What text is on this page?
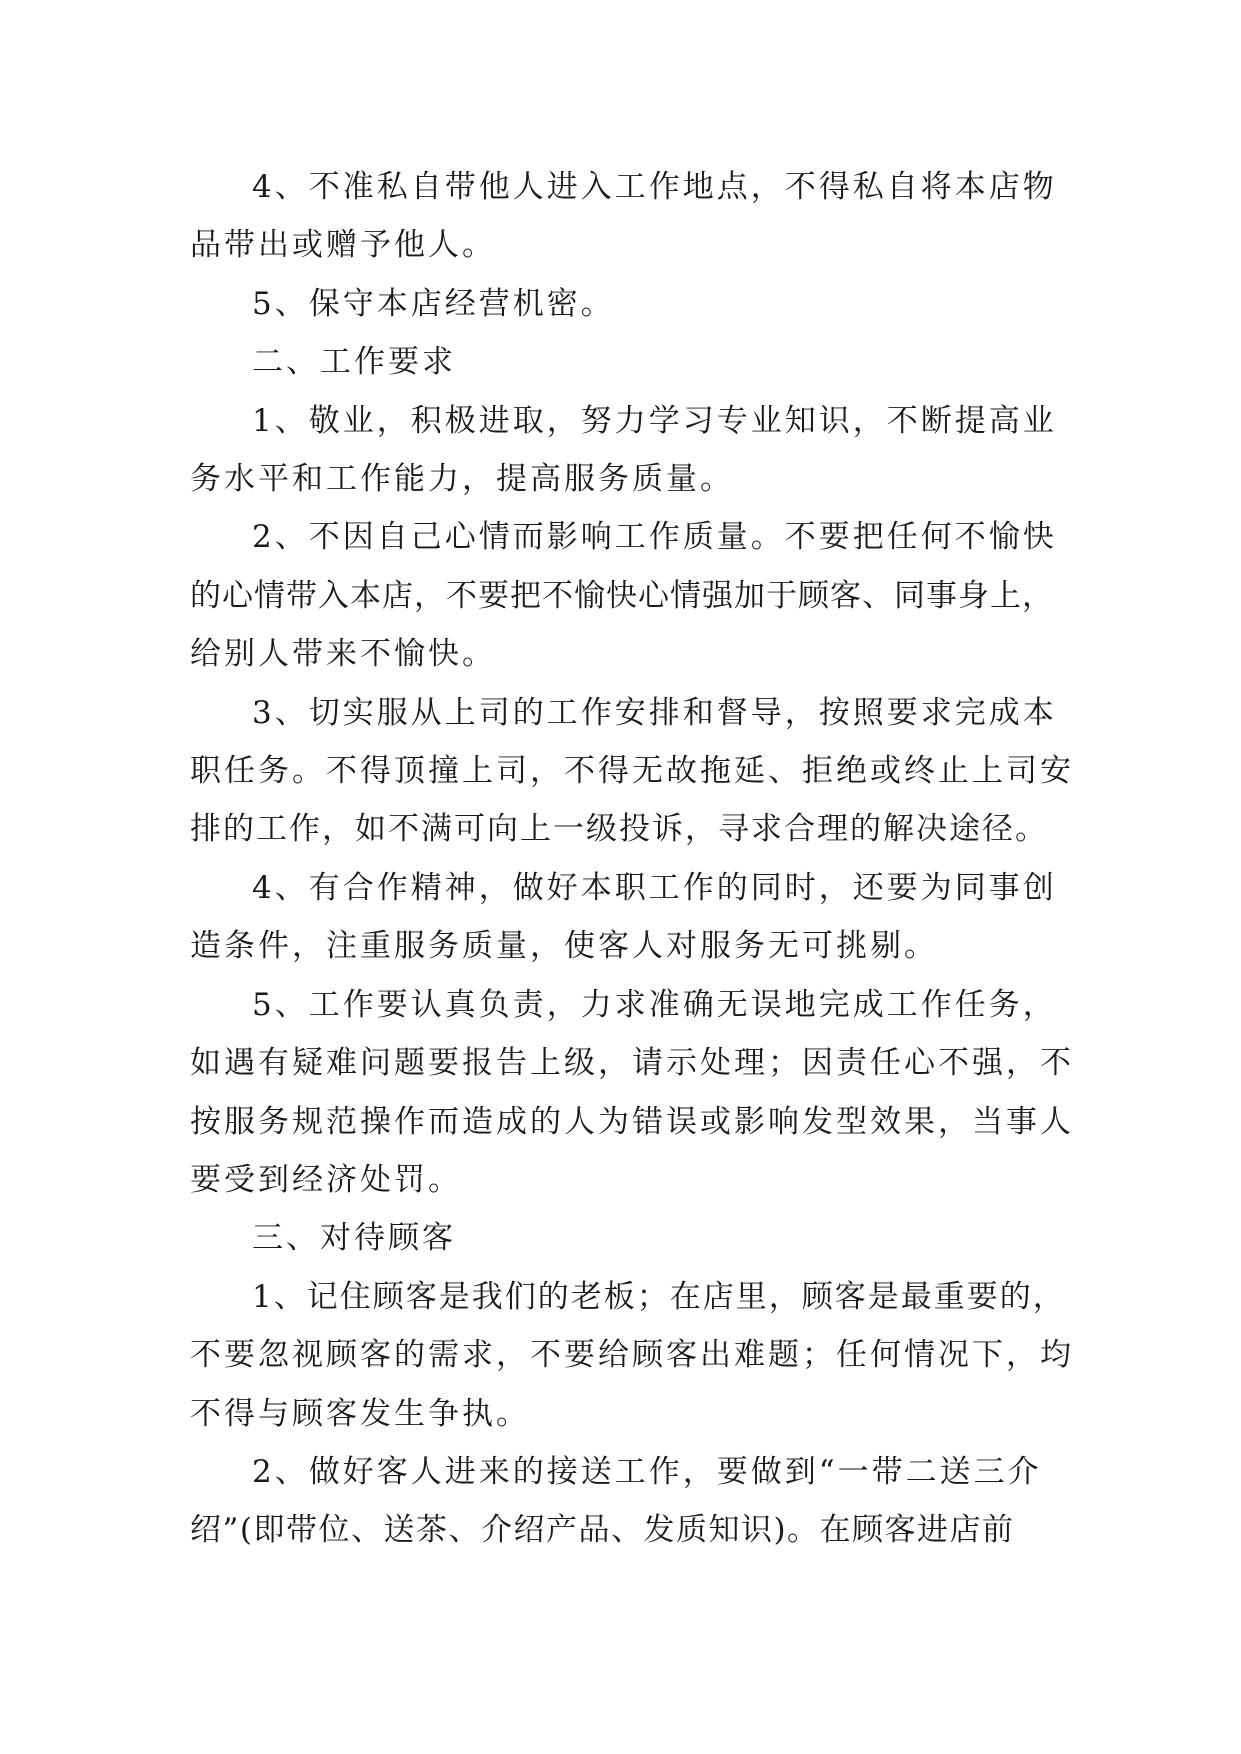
4、不准私自带他人进入工作地点，不得私自将本店物
品带出或赠予他人。

5、保守本店经营机密。

二、工作要求

1、敬业，积极进取，努力学习专业知识，不断提高业
务水平和工作能力，提高服务质量。

2、不因自己心情而影响工作质量。不要把任何不愉快
的心情带入本店，不要把不愉快心情强加于顾客、同事身上，
给别人带来不愉快。

3、切实服从上司的工作安排和督导，按照要求完成本
职任务。不得顶撞上司，不得无故拖延、拒绝或终止上司安
排的工作，如不满可向上一级投诉，寻求合理的解决途径。

4、有合作精神，做好本职工作的同时，还要为同事创
造条件，注重服务质量，使客人对服务无可挑剔。

5、工作要认真负责，力求准确无误地完成工作任务，
如遇有疑难问题要报告上级，请示处理；因责任心不强，不
按服务规范操作而造成的人为错误或影响发型效果，当事人
要受到经济处罚。

三、对待顾客

1、记住顾客是我们的老板；在店里，顾客是最重要的，
不要忽视顾客的需求，不要给顾客出难题；任何情况下，均
不得与顾客发生争执。

2、做好客人进来的接送工作，要做到“一带二送三介
绍”(即带位、送茶、介绍产品、发质知识)。在顾客进店前
